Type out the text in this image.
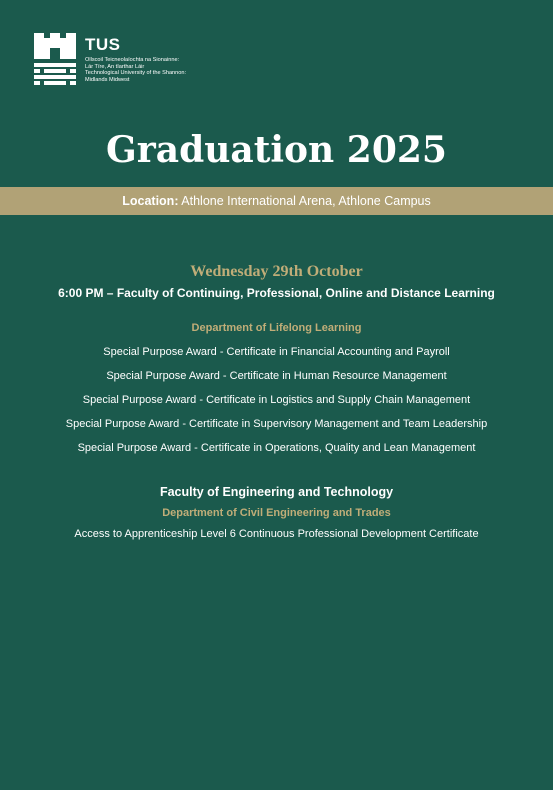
TUS
Ollscoil Teicneolaíochta na Sionainne:
Lár Tíre, An tIarthar Láir
Technological University of the Shannon:
Midlands Midwest
Graduation 2025
Location: Athlone International Arena, Athlone Campus
Wednesday 29th October
6:00 PM – Faculty of Continuing, Professional, Online and Distance Learning
Department of Lifelong Learning
Special Purpose Award - Certificate in Financial Accounting and Payroll
Special Purpose Award - Certificate in Human Resource Management
Special Purpose Award - Certificate in Logistics and Supply Chain Management
Special Purpose Award - Certificate in Supervisory Management and Team Leadership
Special Purpose Award - Certificate in Operations, Quality and Lean Management
Faculty of Engineering and Technology
Department of Civil Engineering and Trades
Access to Apprenticeship Level 6 Continuous Professional Development Certificate
